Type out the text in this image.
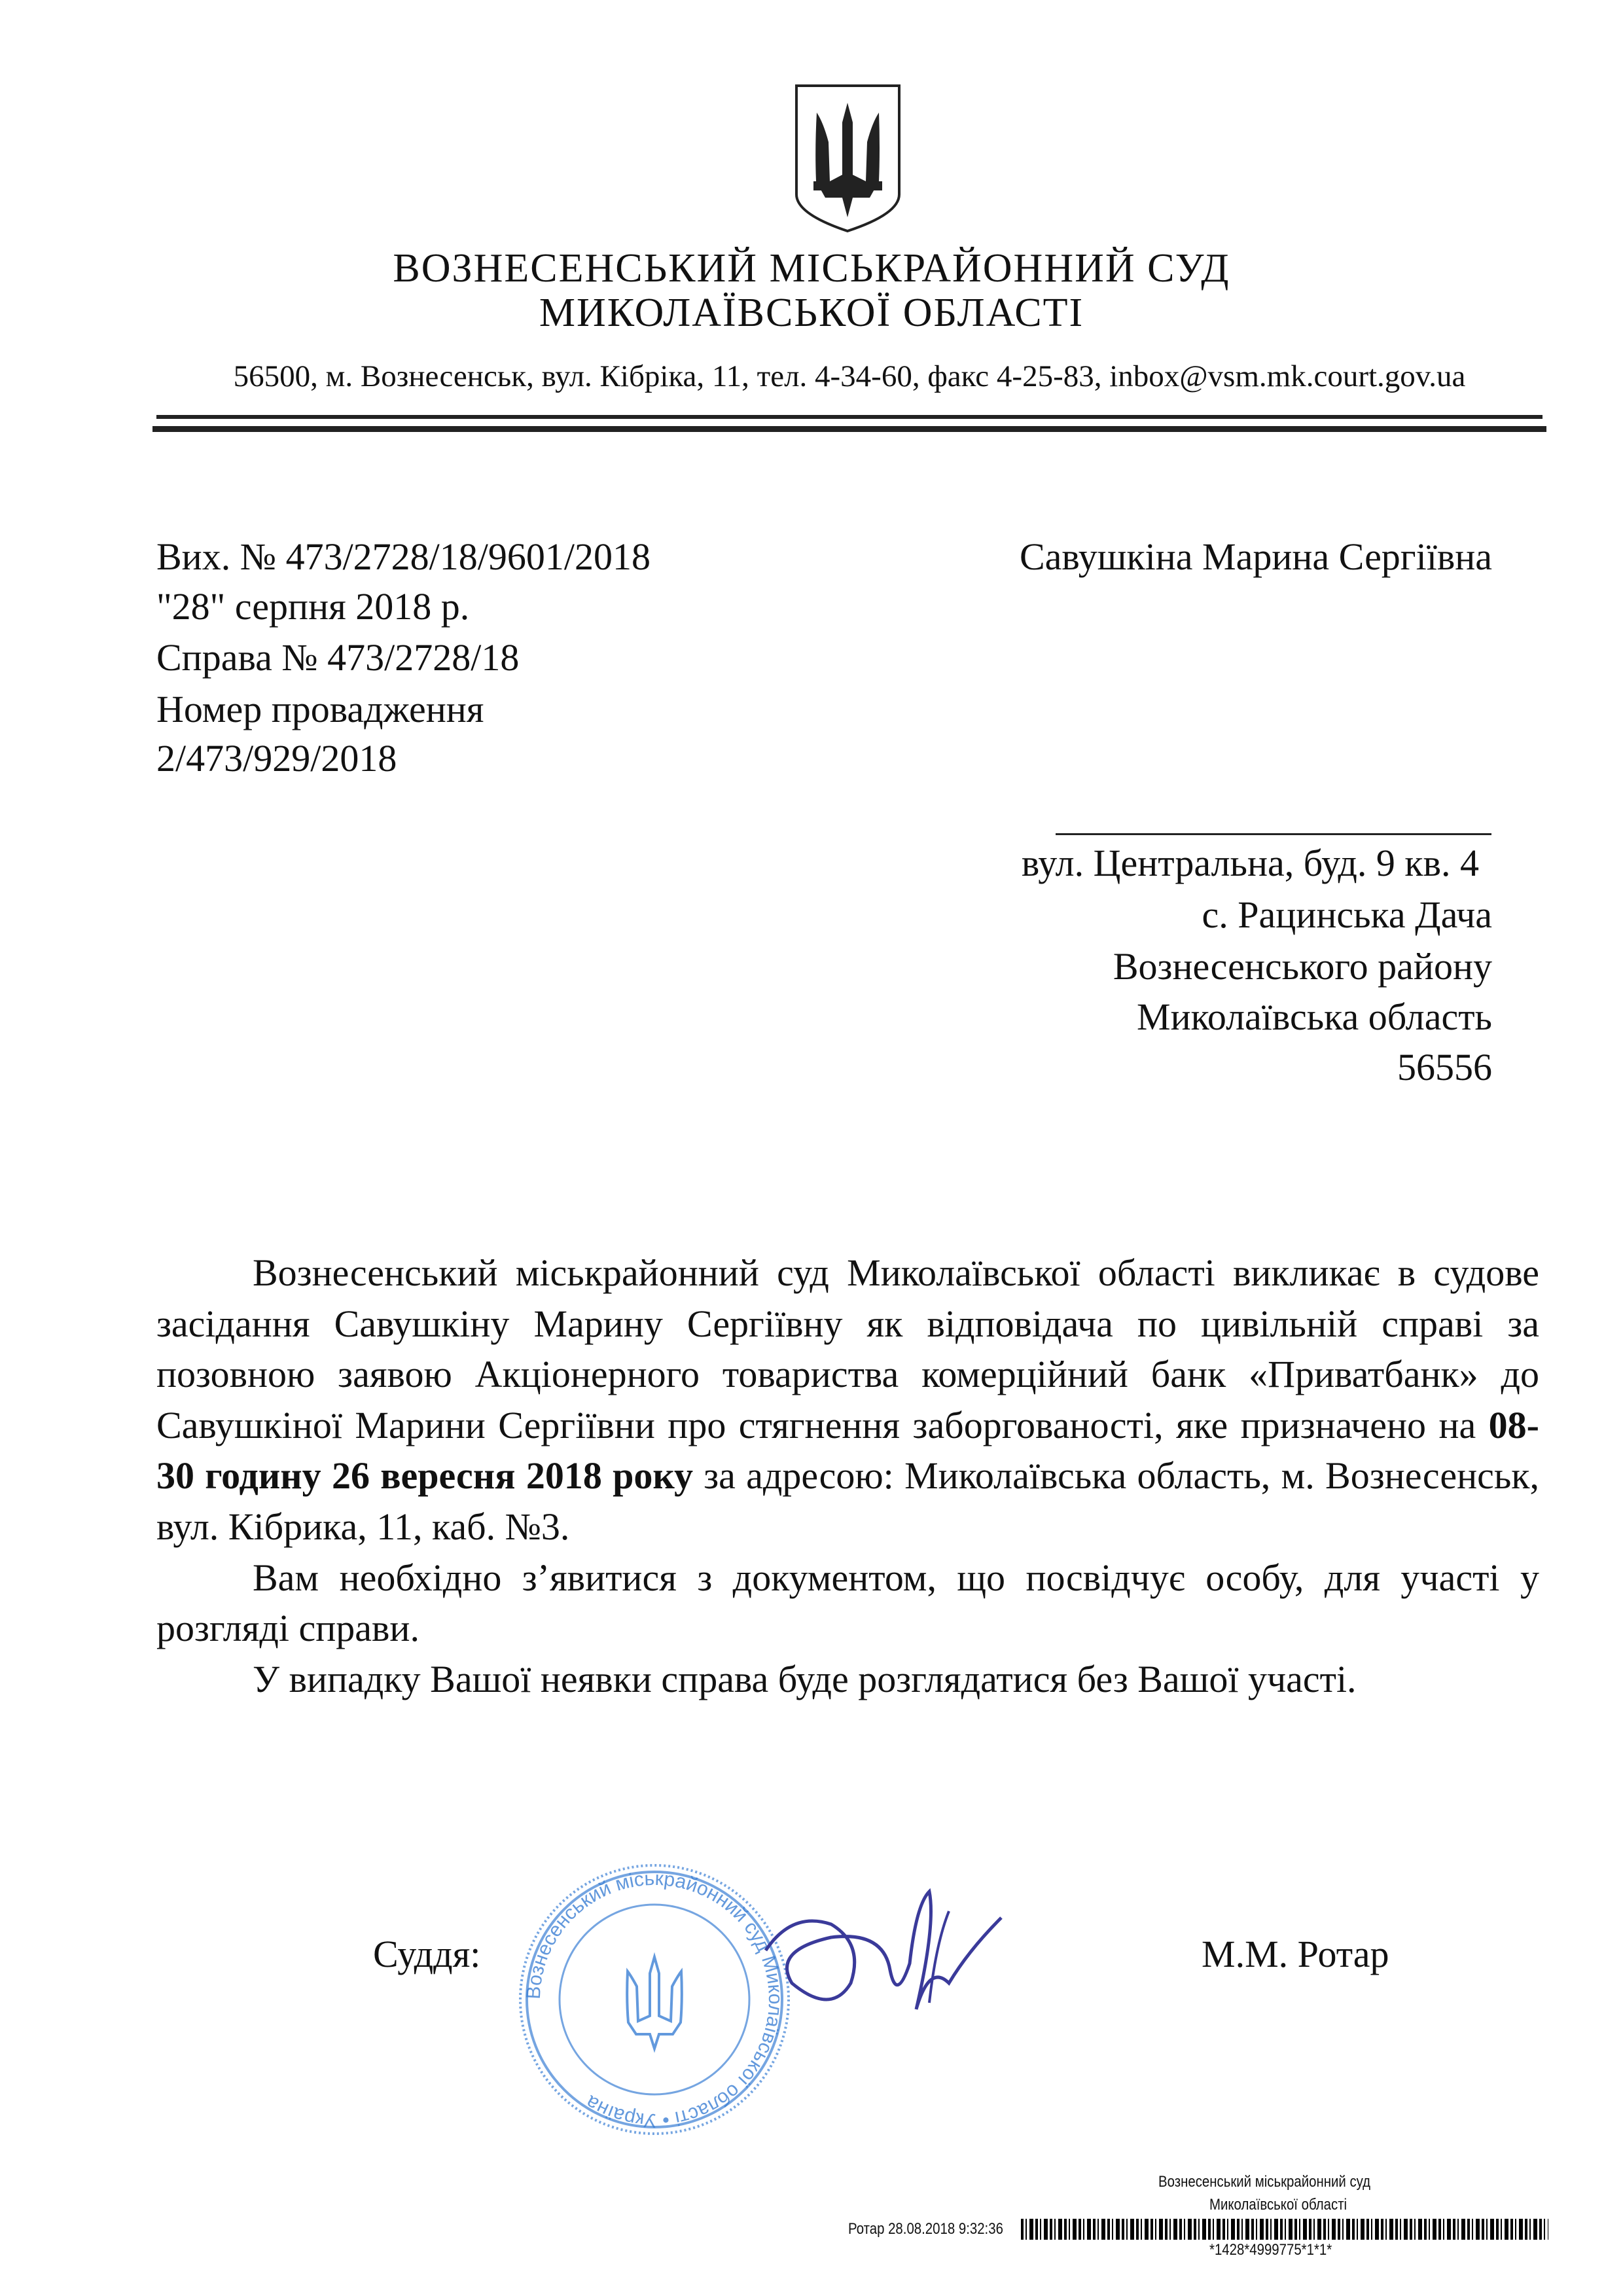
ВОЗНЕСЕНСЬКИЙ МІСЬКРАЙОННИЙ СУД
МИКОЛАЇВСЬКОЇ ОБЛАСТІ
56500, м. Вознесенськ, вул. Кібріка, 11, тел. 4-34-60, факс 4-25-83, inbox@vsm.mk.court.gov.ua
Вих. № 473/2728/18/9601/2018
"28" серпня 2018 р.
Справа № 473/2728/18
Номер провадження
2/473/929/2018
Савушкіна Марина Сергіївна
вул. Центральна, буд. 9 кв. 4
с. Рацинська Дача
Вознесенського району
Миколаївська область
56556

Вознесенський міськрайонний суд Миколаївської області викликає в судове засідання Савушкіну Марину Сергіївну як відповідача по цивільній справі за позовною заявою Акціонерного товариства комерційний банк «Приватбанк» до Савушкіної Марини Сергіївни про стягнення заборгованості, яке призначено на 08-30 годину 26 вересня 2018 року за адресою: Миколаївська область, м. Вознесенськ, вул. Кібрика, 11, каб. №3.

Вам необхідно з’явитися з документом, що посвідчує особу, для участі у розгляді справи.

У випадку Вашої неявки справа буде розглядатися без Вашої участі.

Суддя:	М.М. Ротар
Вознесенський міськрайонний суд Миколаївської області • Україна
Вознесенський міськрайонний суд
Миколаївської області
Ротар 28.08.2018 9:32:36
*1428*4999775*1*1*
